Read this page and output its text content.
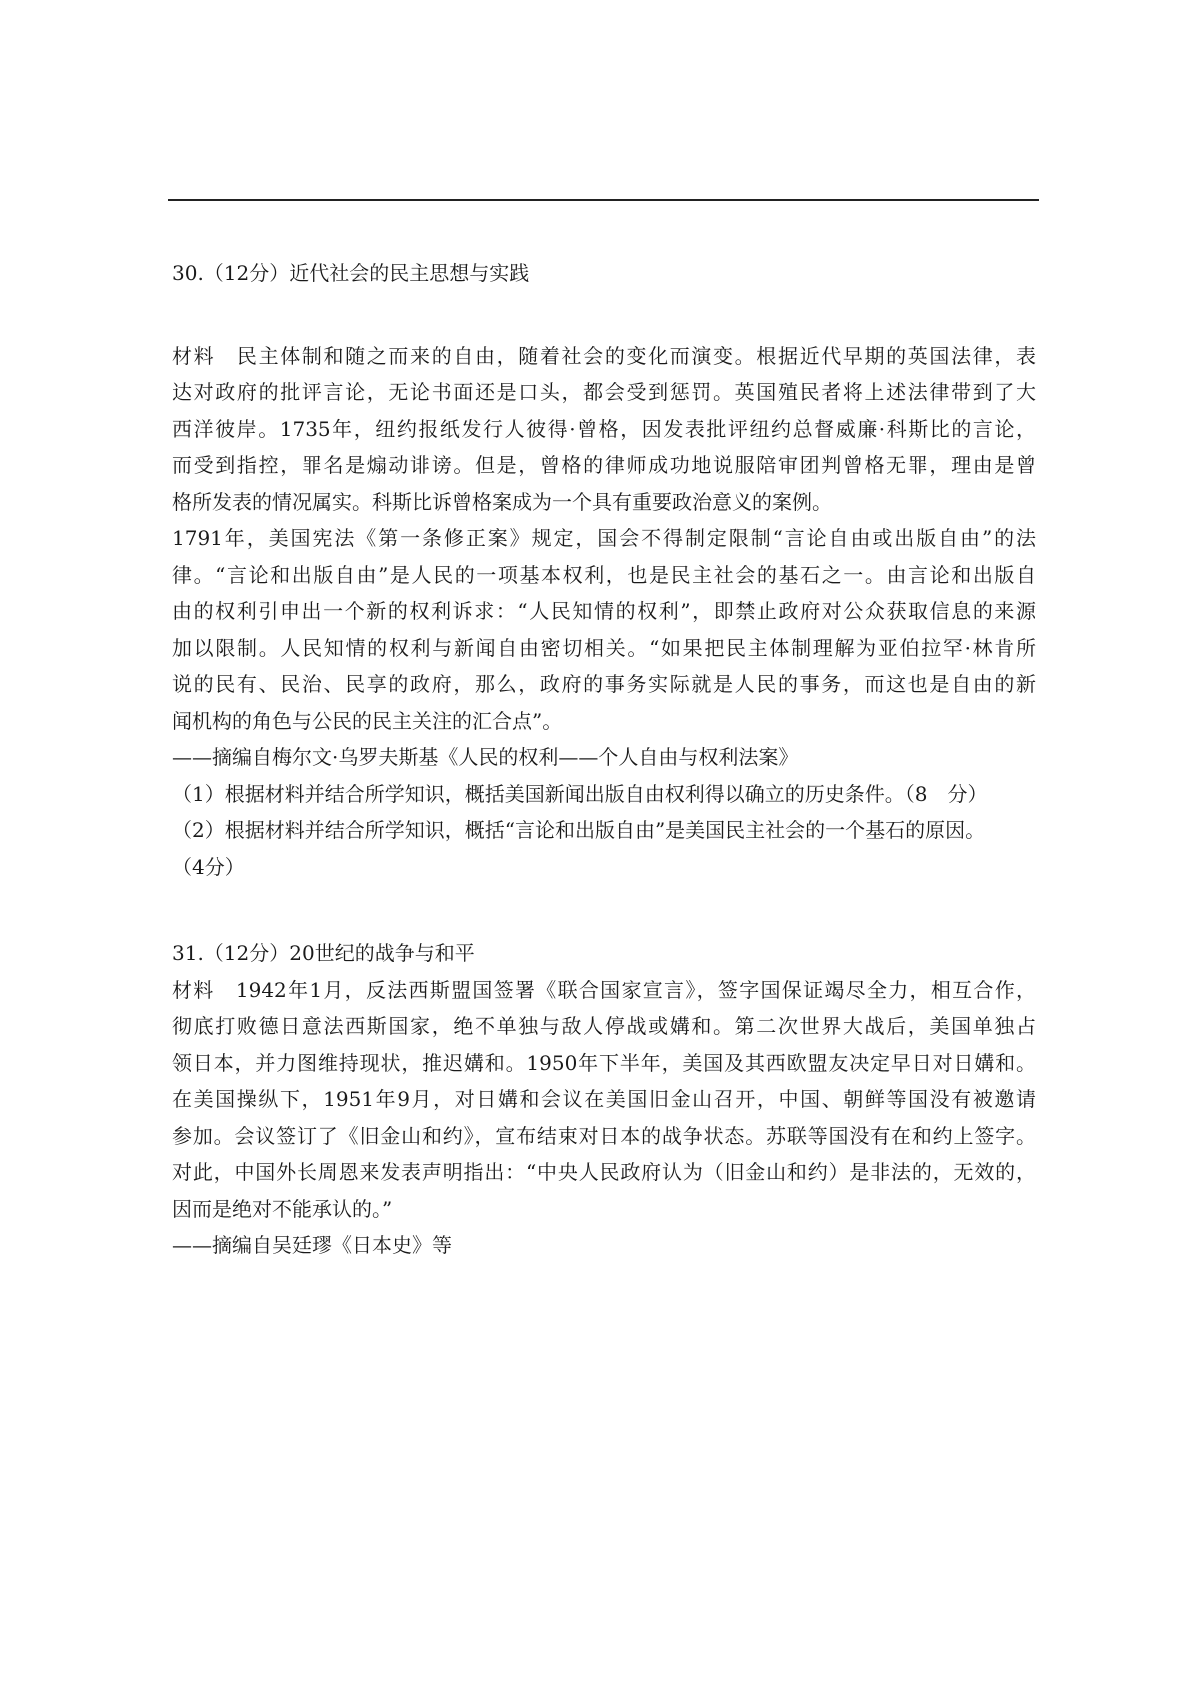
30.（12分）近代社会的民主思想与实践

材料　民主体制和随之而来的自由，随着社会的变化而演变。根据近代早期的英国法律，表

达对政府的批评言论，无论书面还是口头，都会受到惩罚。英国殖民者将上述法律带到了大

西洋彼岸。1735年，纽约报纸发行人彼得·曾格，因发表批评纽约总督威廉·科斯比的言论，

而受到指控，罪名是煽动诽谤。但是，曾格的律师成功地说服陪审团判曾格无罪，理由是曾

格所发表的情况属实。科斯比诉曾格案成为一个具有重要政治意义的案例。

1791年，美国宪法《第一条修正案》规定，国会不得制定限制“言论自由或出版自由”的法

律。“言论和出版自由”是人民的一项基本权利，也是民主社会的基石之一。由言论和出版自

由的权利引申出一个新的权利诉求：“人民知情的权利”，即禁止政府对公众获取信息的来源

加以限制。人民知情的权利与新闻自由密切相关。“如果把民主体制理解为亚伯拉罕·林肯所

说的民有、民治、民享的政府，那么，政府的事务实际就是人民的事务，而这也是自由的新

闻机构的角色与公民的民主关注的汇合点”。

——摘编自梅尔文·乌罗夫斯基《人民的权利——个人自由与权利法案》

（1）根据材料并结合所学知识，概括美国新闻出版自由权利得以确立的历史条件。（8　分）

（2）根据材料并结合所学知识，概括“言论和出版自由”是美国民主社会的一个基石的原因。

（4分）

31.（12分）20世纪的战争与和平

材料　1942年1月，反法西斯盟国签署《联合国家宣言》，签字国保证竭尽全力，相互合作，

彻底打败德日意法西斯国家，绝不单独与敌人停战或媾和。第二次世界大战后，美国单独占

领日本，并力图维持现状，推迟媾和。1950年下半年，美国及其西欧盟友决定早日对日媾和。

在美国操纵下，1951年9月，对日媾和会议在美国旧金山召开，中国、朝鲜等国没有被邀请

参加。会议签订了《旧金山和约》，宣布结束对日本的战争状态。苏联等国没有在和约上签字。

对此，中国外长周恩来发表声明指出：“中央人民政府认为（旧金山和约）是非法的，无效的，

因而是绝对不能承认的。”

——摘编自吴廷璆《日本史》等
